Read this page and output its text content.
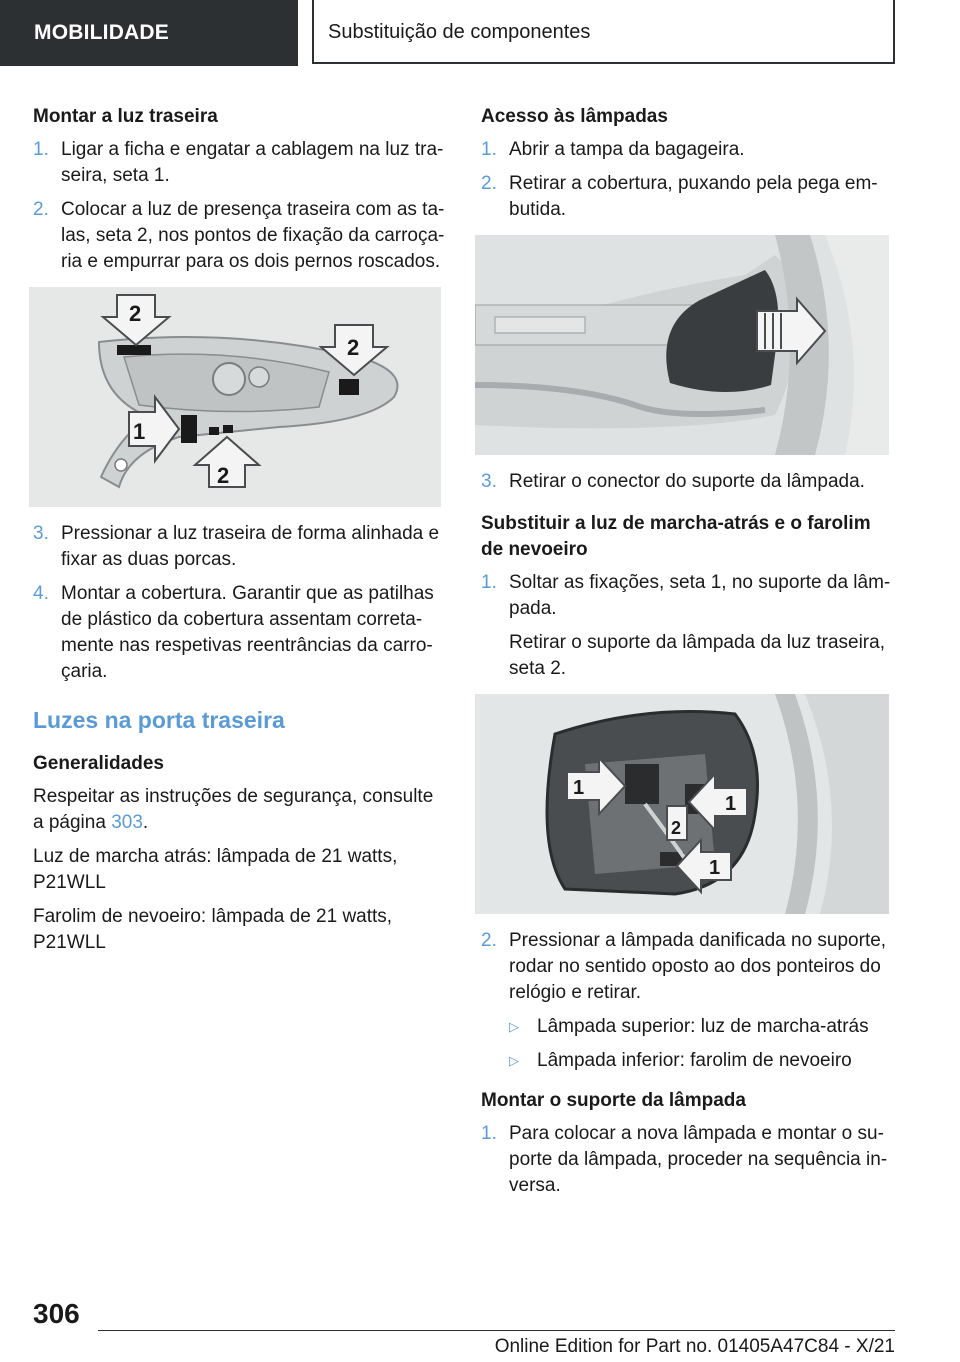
MOBILIDADE	Substituição de componentes
Montar a luz traseira
1. Ligar a ficha e engatar a cablagem na luz tra-seira, seta 1.
2. Colocar a luz de presença traseira com as ta-las, seta 2, nos pontos de fixação da carroça-ria e empurrar para os dois pernos roscados.
2
2
1
2
3. Pressionar a luz traseira de forma alinhada e fixar as duas porcas.
4. Montar a cobertura. Garantir que as patilhas de plástico da cobertura assentam correta-mente nas respetivas reentrâncias da carro-çaria.
Luzes na porta traseira
Generalidades

Respeitar as instruções de segurança, consulte a página 303.

Luz de marcha atrás: lâmpada de 21 watts,
P21WLL

Farolim de nevoeiro: lâmpada de 21 watts,
P21WLL

Acesso às lâmpadas
1. Abrir a tampa da bagageira.
2. Retirar a cobertura, puxando pela pega em-butida.
3. Retirar o conector do suporte da lâmpada.
Substituir a luz de marcha-atrás e o farolim de nevoeiro
1. Soltar as fixações, seta 1, no suporte da lâm-pada.
Retirar o suporte da lâmpada da luz traseira, seta 2.
1
1
2
1
2. Pressionar a lâmpada danificada no suporte, rodar no sentido oposto ao dos ponteiros do relógio e retirar.
▷ Lâmpada superior: luz de marcha-atrás
▷ Lâmpada inferior: farolim de nevoeiro
Montar o suporte da lâmpada
1. Para colocar a nova lâmpada e montar o su-porte da lâmpada, proceder na sequência in-versa.
306
Online Edition for Part no. 01405A47C84 - X/21
